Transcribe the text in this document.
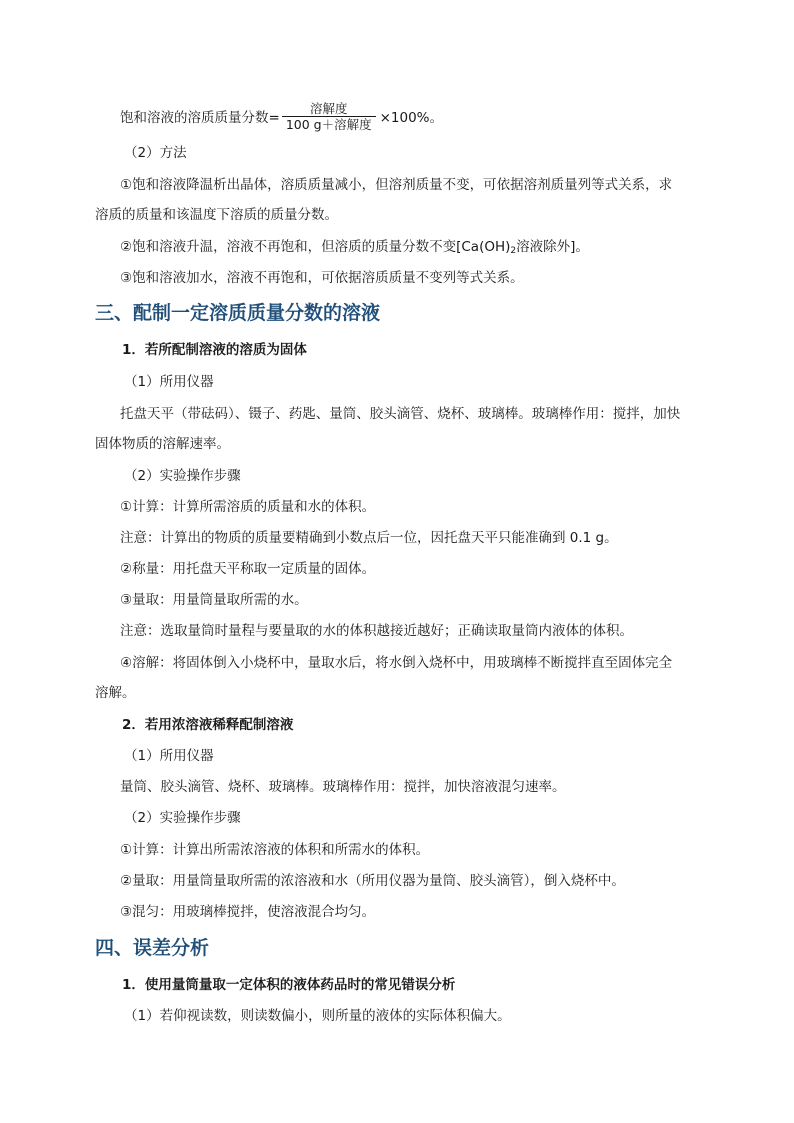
饱和溶液的溶质质量分数= $\frac{\text{溶解度}}{\text{100 g＋溶解度}} \times 100\%$。
（2）方法
①饱和溶液降温析出晶体，溶质质量减小，但溶剂质量不变，可依据溶剂质量列等式关系，求
溶质的质量和该温度下溶质的质量分数。
②饱和溶液升温，溶液不再饱和，但溶质的质量分数不变[$Ca(OH)_2$溶液除外]。
③饱和溶液加水，溶液不再饱和，可依据溶质质量不变列等式关系。
三、配制一定溶质质量分数的溶液
1．若所配制溶液的溶质为固体
（1）所用仪器
托盘天平（带砝码）、镊子、药匙、量筒、胶头滴管、烧杯、玻璃棒。玻璃棒作用：搅拌，加快
固体物质的溶解速率。
（2）实验操作步骤
①计算：计算所需溶质的质量和水的体积。
注意：计算出的物质的质量要精确到小数点后一位，因托盘天平只能准确到 0.1 g。
②称量：用托盘天平称取一定质量的固体。
③量取：用量筒量取所需的水。
注意：选取量筒时量程与要量取的水的体积越接近越好；正确读取量筒内液体的体积。
④溶解：将固体倒入小烧杯中，量取水后，将水倒入烧杯中，用玻璃棒不断搅拌直至固体完全
溶解。
2．若用浓溶液稀释配制溶液
（1）所用仪器
量筒、胶头滴管、烧杯、玻璃棒。玻璃棒作用：搅拌，加快溶液混匀速率。
（2）实验操作步骤
①计算：计算出所需浓溶液的体积和所需水的体积。
②量取：用量筒量取所需的浓溶液和水（所用仪器为量筒、胶头滴管），倒入烧杯中。
③混匀：用玻璃棒搅拌，使溶液混合均匀。
四、误差分析
1．使用量筒量取一定体积的液体药品时的常见错误分析
（1）若仰视读数，则读数偏小，则所量的液体的实际体积偏大。
